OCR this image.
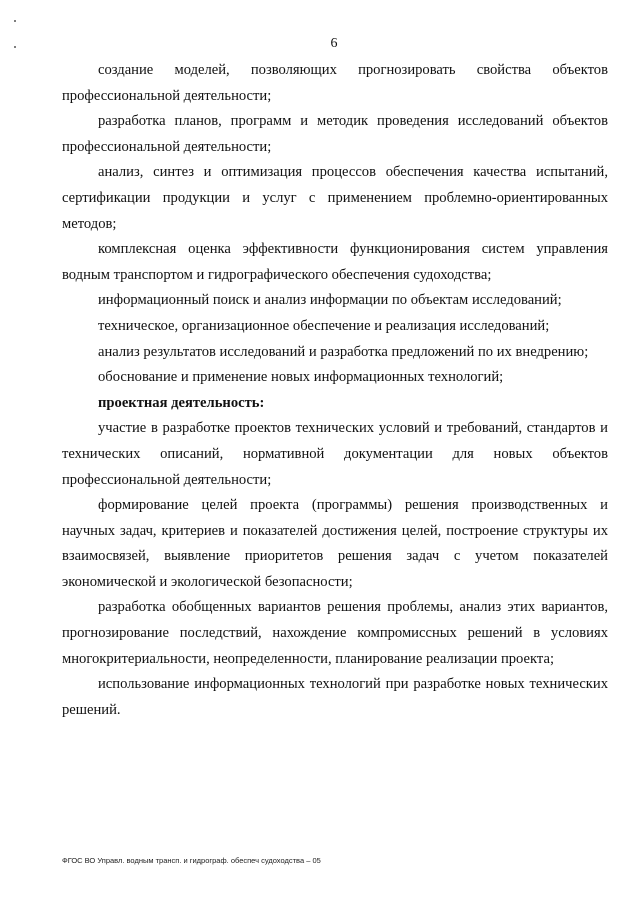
6

создание моделей, позволяющих прогнозировать свойства объектов профессиональной деятельности;

разработка планов, программ и методик проведения исследований объектов профессиональной деятельности;

анализ, синтез и оптимизация процессов обеспечения качества испытаний, сертификации продукции и услуг с применением проблемно-ориентированных методов;

комплексная оценка эффективности функционирования систем управления водным транспортом и гидрографического обеспечения судоходства;

информационный поиск и анализ информации по объектам исследований;

техническое, организационное обеспечение и реализация исследований;

анализ результатов исследований и разработка предложений по их внедрению;

обоснование и применение новых информационных технологий;

проектная деятельность:

участие в разработке проектов технических условий и требований, стандартов и технических описаний, нормативной документации для новых объектов профессиональной деятельности;

формирование целей проекта (программы) решения производственных и научных задач, критериев и показателей достижения целей, построение структуры их взаимосвязей, выявление приоритетов решения задач с учетом показателей экономической и экологической безопасности;

разработка обобщенных вариантов решения проблемы, анализ этих вариантов, прогнозирование последствий, нахождение компромиссных решений в условиях многокритериальности, неопределенности, планирование реализации проекта;

использование информационных технологий при разработке новых технических решений.

ФГОС ВО Управл. водным трансп. и гидрограф. обеспеч судоходства – 05
